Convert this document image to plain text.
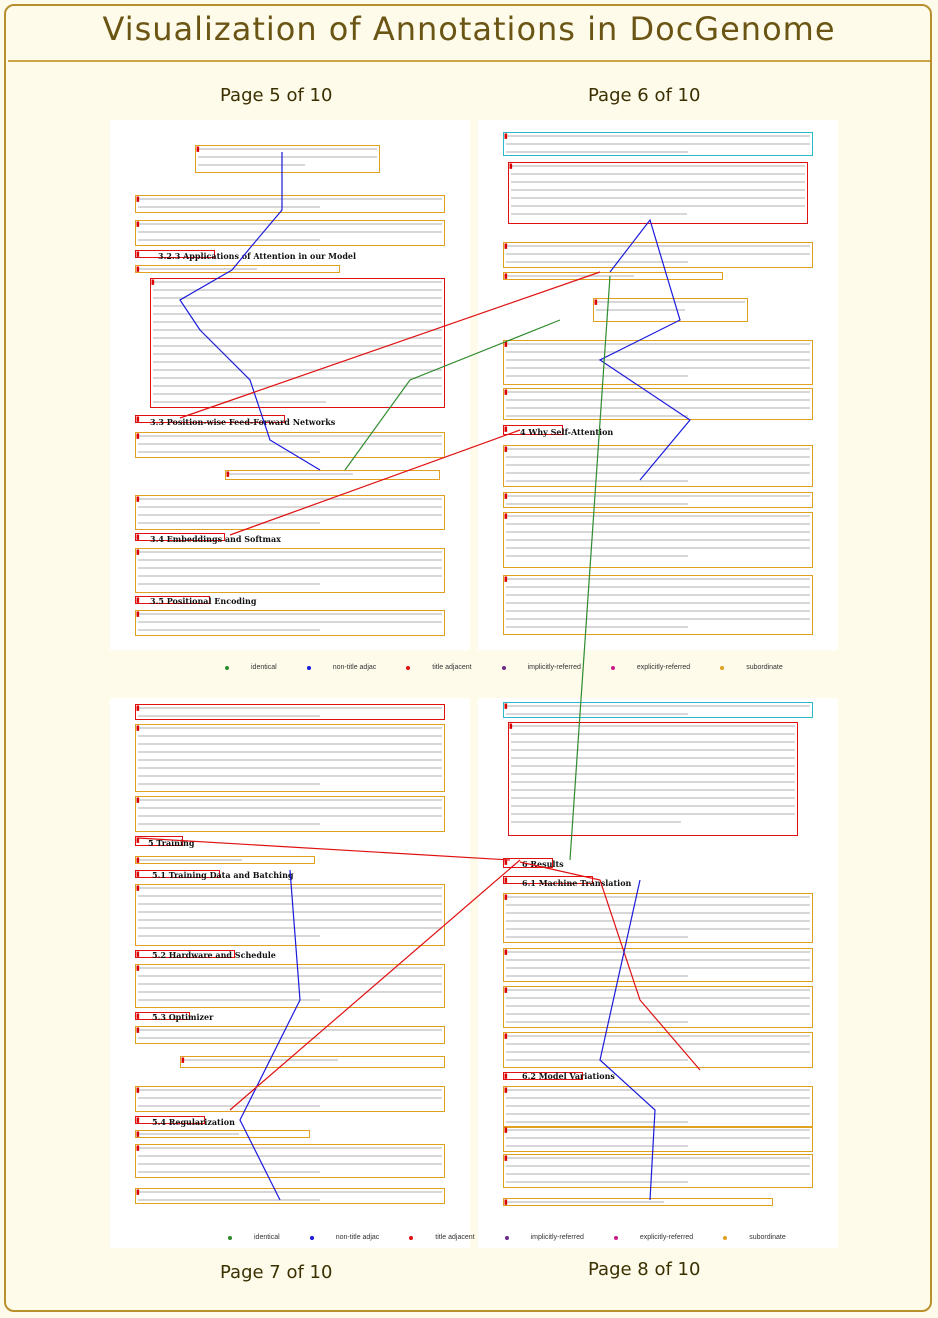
Visualization of Annotations in DocGenome
Page 5 of 10	Page 6 of 10
Page 7 of 10	Page 8 of 10
▮
▮
▮
▮
▮
▮
▮
▮
▮
▮
▮
▮
▮
▮
▮
▮
▮
▮
▮
▮
▮
▮
▮
▮
▮
▮
▮
▮
▮
▮
▮
▮
▮
▮
▮
▮
▮
▮
▮
▮
▮
▮
▮
▮
▮
▮
▮
▮
▮
▮
▮
▮
▮
▮
▮
▮
3.2.3 Applications of Attention in our Model
3.3 Position-wise Feed-Forward Networks
3.4 Embeddings and Softmax
3.5 Positional Encoding
4 Why Self-Attention
5 Training
5.1 Training Data and Batching
5.2 Hardware and Schedule
5.3 Optimizer
5.4 Regularization
6 Results
6.1 Machine Translation
6.2 Model Variations
identical	non-title adjac	title adjacent	implicitly-referred	explicitly-referred	subordinate
identical	non-title adjac	title adjacent	implicitly-referred	explicitly-referred	subordinate
